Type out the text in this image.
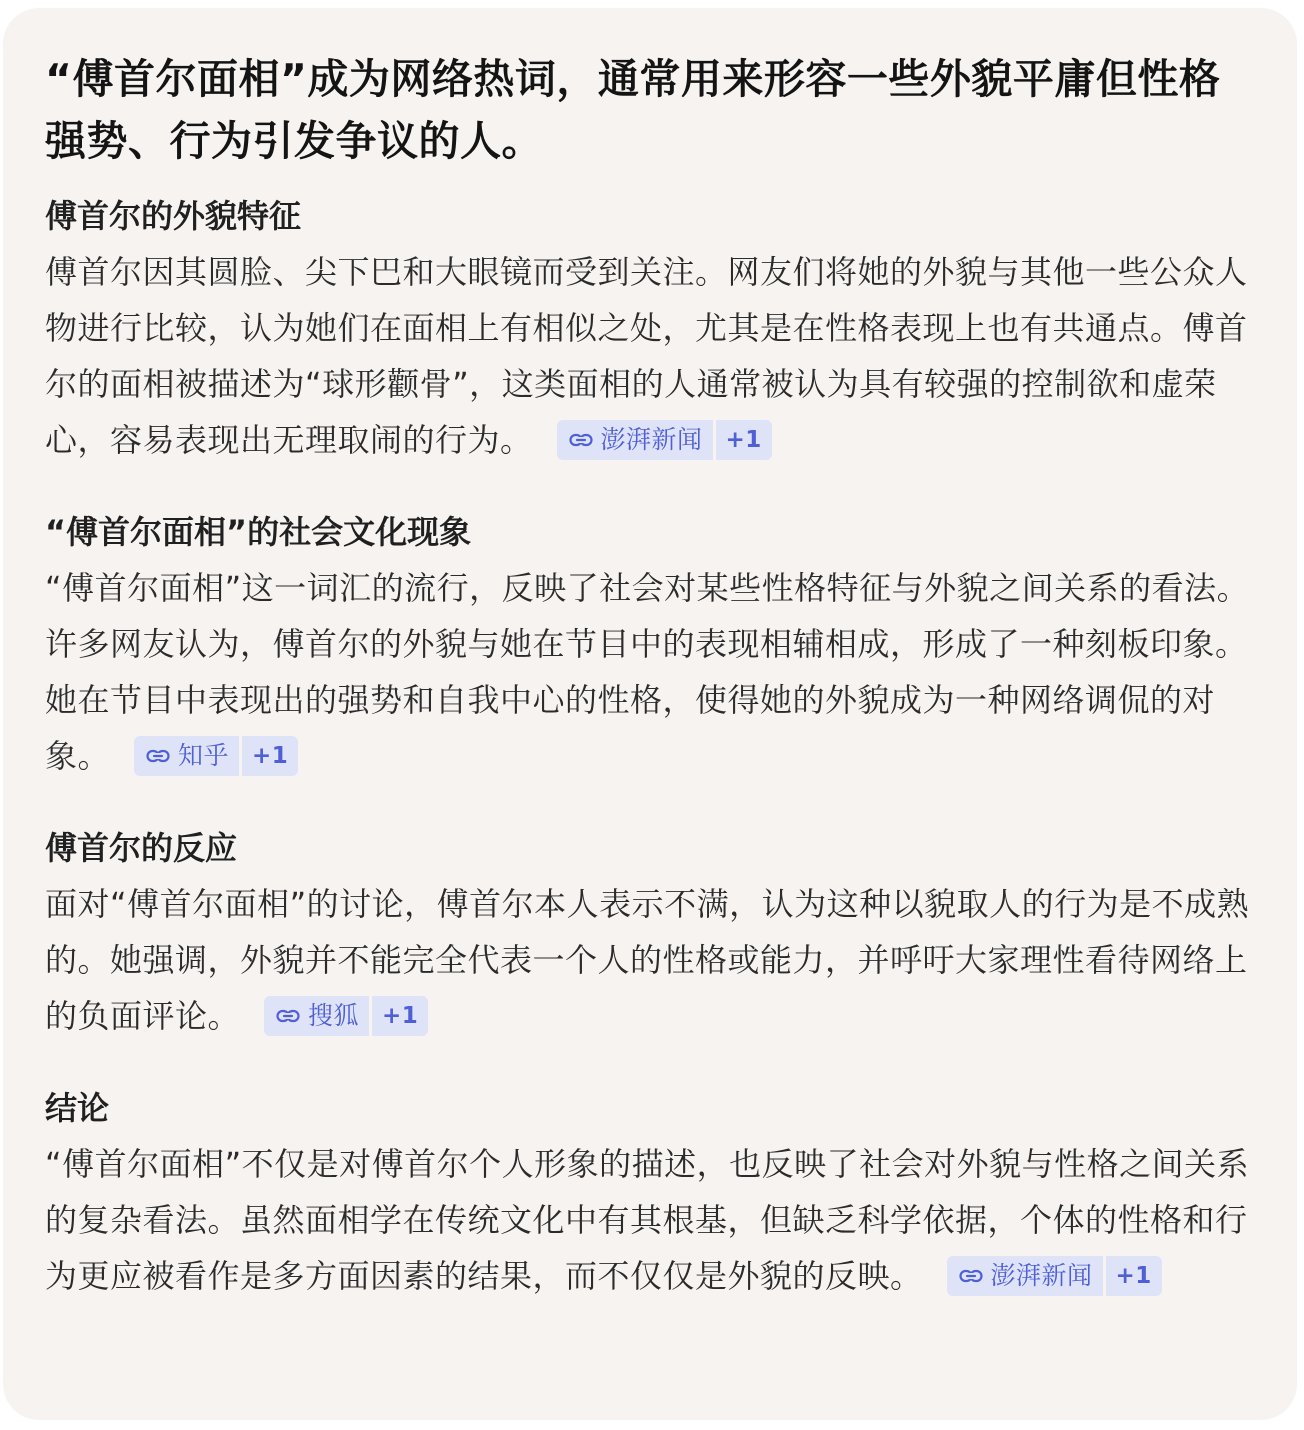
“傅首尔面相”成为网络热词，通常用来形容一些外貌平庸但性格强势、行为引发争议的人。
傅首尔的外貌特征

傅首尔因其圆脸、尖下巴和大眼镜而受到关注。网友们将她的外貌与其他一些公众人物进行比较，认为她们在面相上有相似之处，尤其是在性格表现上也有共通点。傅首尔的面相被描述为“球形颧骨”，这类面相的人通常被认为具有较强的控制欲和虚荣心，容易表现出无理取闹的行为。	澎湃新闻	+1

“傅首尔面相”的社会文化现象

“傅首尔面相”这一词汇的流行，反映了社会对某些性格特征与外貌之间关系的看法。许多网友认为，傅首尔的外貌与她在节目中的表现相辅相成，形成了一种刻板印象。她在节目中表现出的强势和自我中心的性格，使得她的外貌成为一种网络调侃的对象。	知乎	+1

傅首尔的反应

面对“傅首尔面相”的讨论，傅首尔本人表示不满，认为这种以貌取人的行为是不成熟的。她强调，外貌并不能完全代表一个人的性格或能力，并呼吁大家理性看待网络上的负面评论。	搜狐	+1

结论

“傅首尔面相”不仅是对傅首尔个人形象的描述，也反映了社会对外貌与性格之间关系的复杂看法。虽然面相学在传统文化中有其根基，但缺乏科学依据，个体的性格和行为更应被看作是多方面因素的结果，而不仅仅是外貌的反映。	澎湃新闻	+1
